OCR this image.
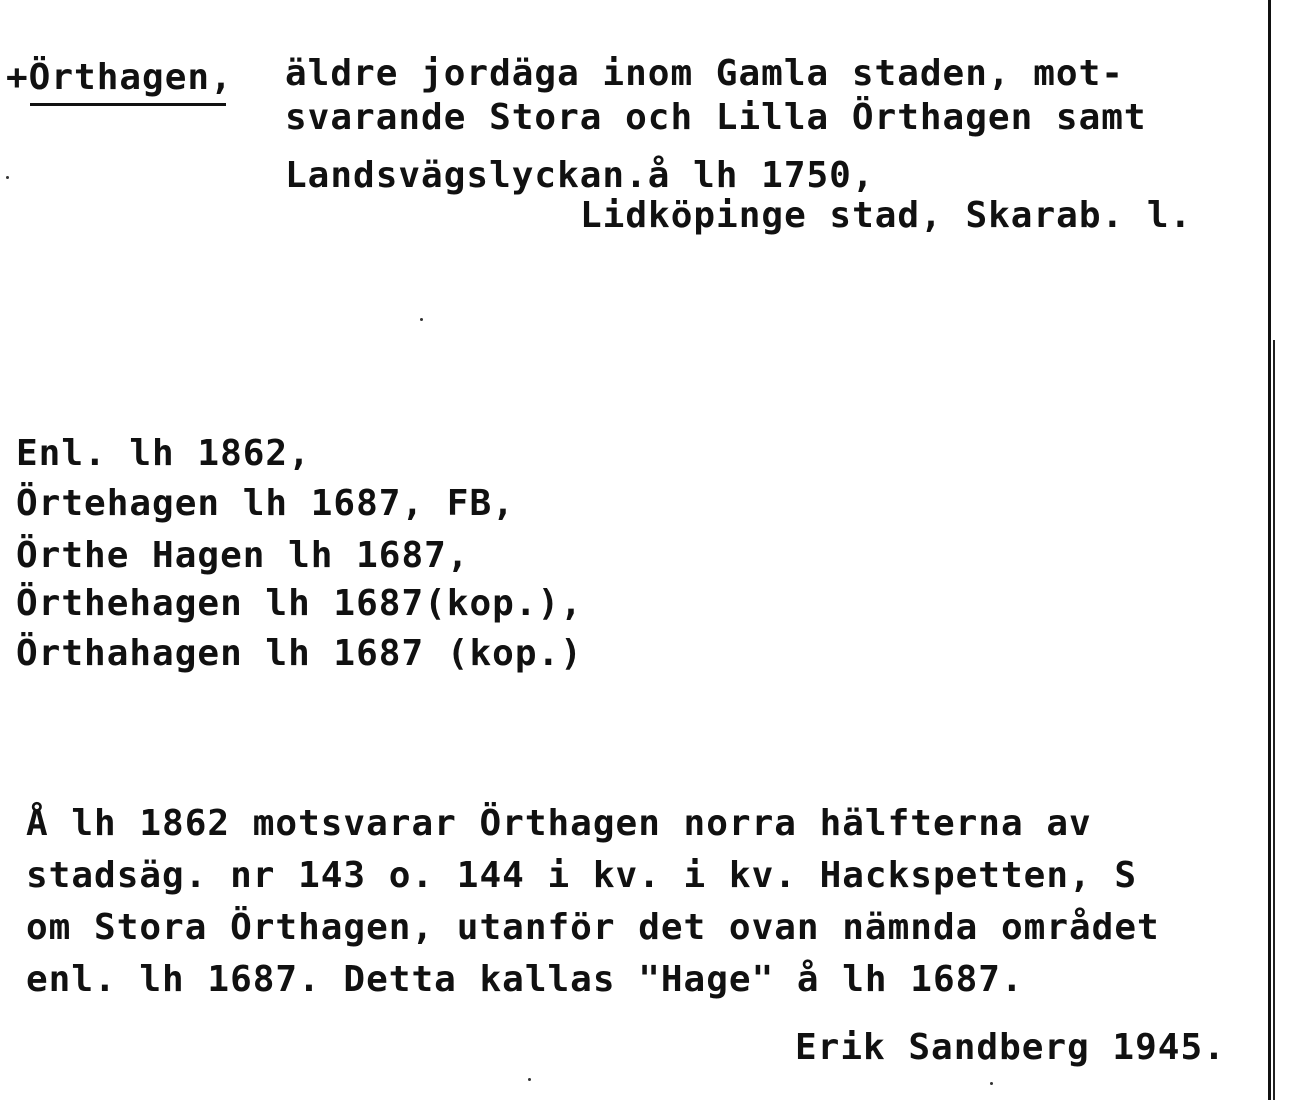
+Örthagen, äldre jordäga inom Gamla staden, mot-
svarande Stora och Lilla Örthagen samt
Landsvägslyckan.å lh 1750,
Lidköpinge stad, Skarab. l.
Enl. lh 1862,
Örtehagen lh 1687, FB,
Örthe Hagen lh 1687,
Örthehagen lh 1687(kop.),
Örthahagen lh 1687 (kop.)
Å lh 1862 motsvarar Örthagen norra hälfterna av
stadsäg. nr 143 o. 144 i kv. i kv. Hackspetten, S
om Stora Örthagen, utanför det ovan nämnda området
enl. lh 1687. Detta kallas "Hage" å lh 1687.
Erik Sandberg 1945.
